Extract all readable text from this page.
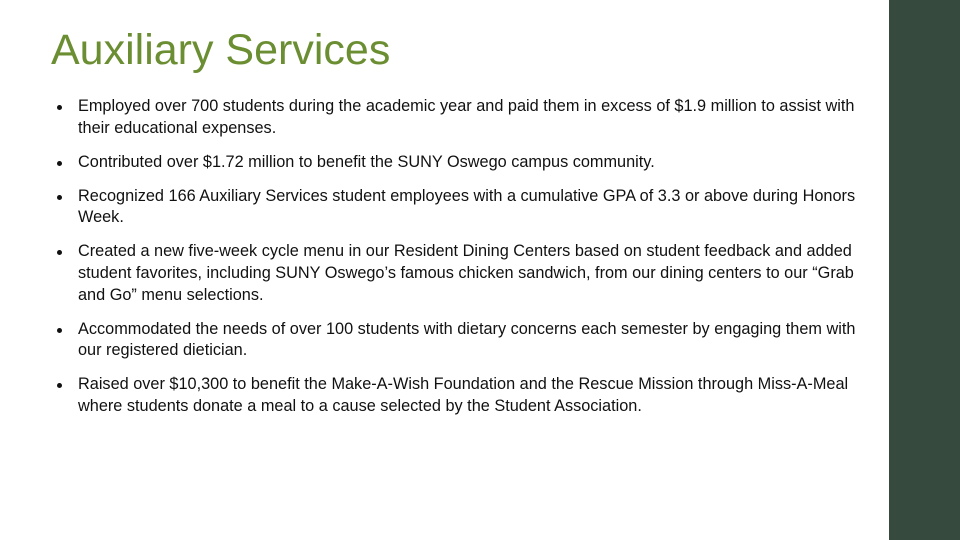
Auxiliary Services
Employed over 700 students during the academic year and paid them in excess of $1.9 million to assist with their educational expenses.
Contributed over $1.72 million to benefit the SUNY Oswego campus community.
Recognized 166 Auxiliary Services student employees with a cumulative GPA of 3.3 or above during Honors Week.
Created a new five-week cycle menu in our Resident Dining Centers based on student feedback and added student favorites, including SUNY Oswego’s famous chicken sandwich, from our dining centers to our “Grab and Go” menu selections.
Accommodated the needs of over 100 students with dietary concerns each semester by engaging them with our registered dietician.
Raised over $10,300 to benefit the Make-A-Wish Foundation and the Rescue Mission through Miss-A-Meal where students donate a meal to a cause selected by the Student Association.
